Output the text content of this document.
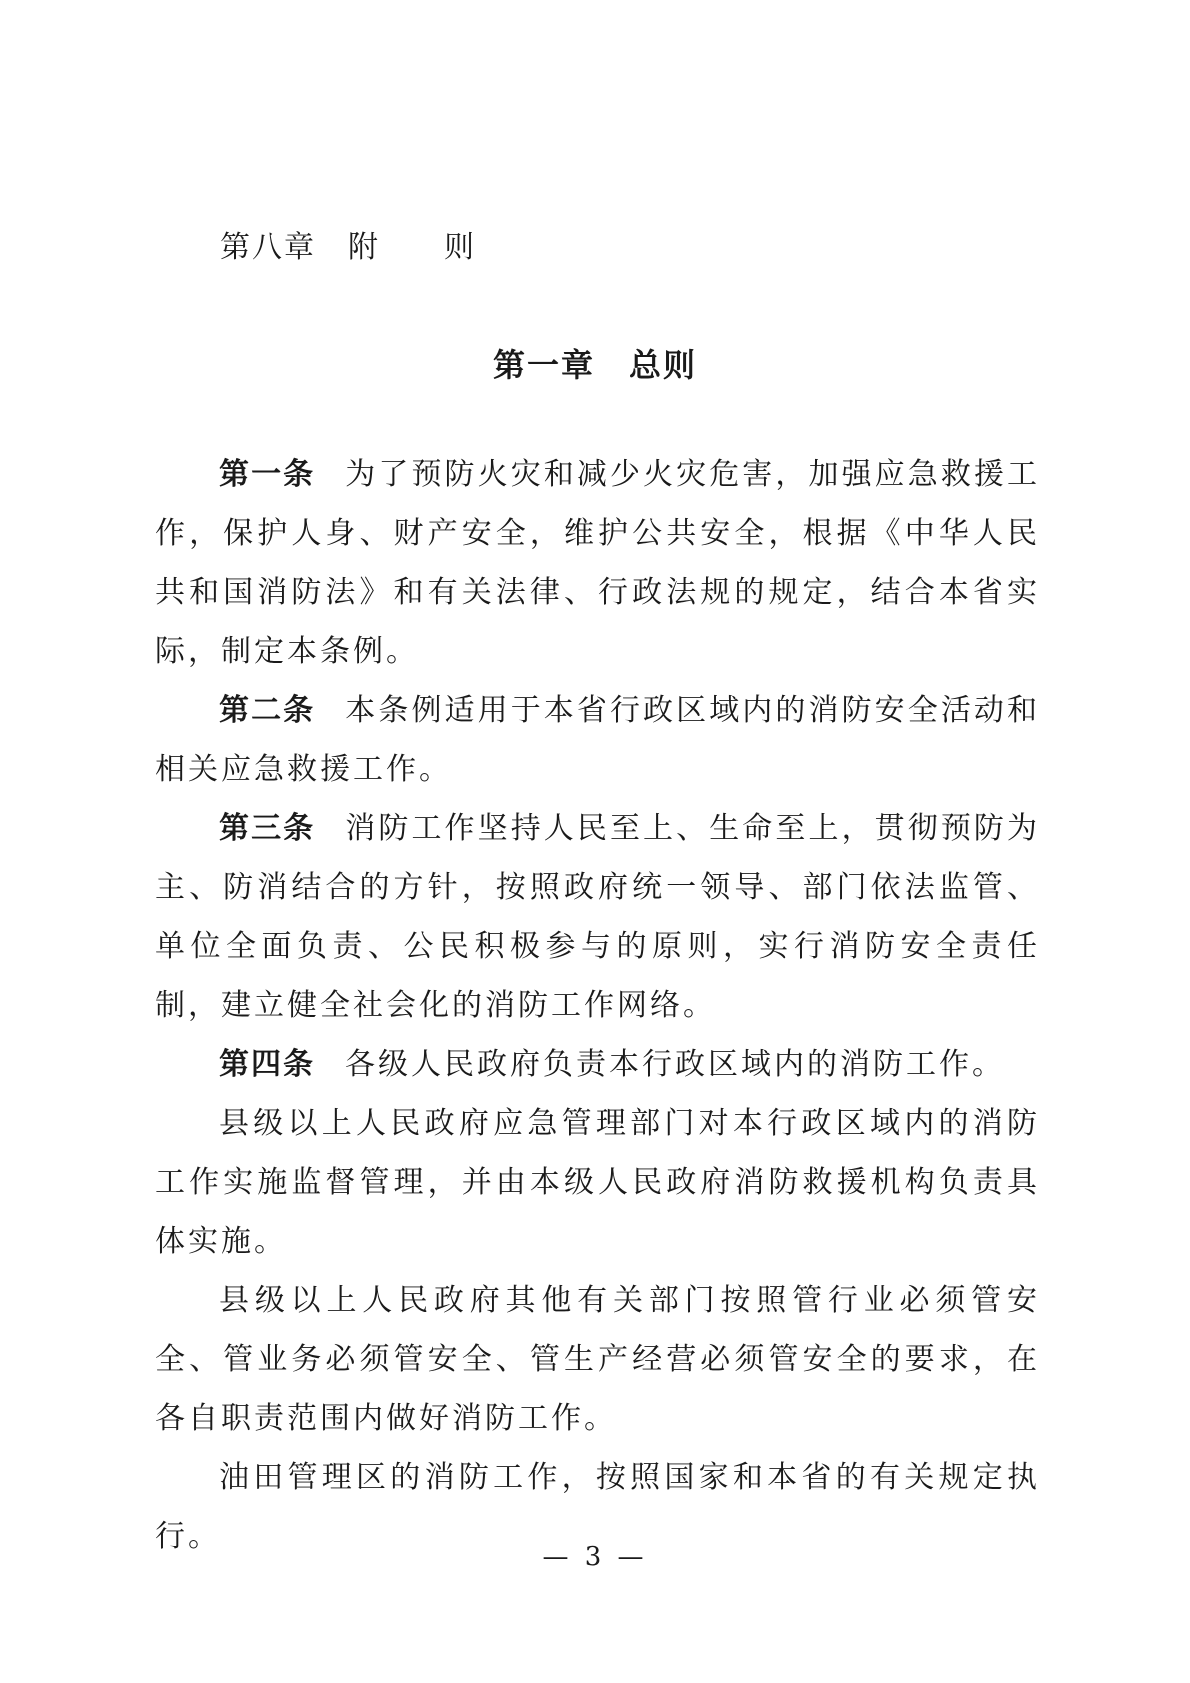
第八章　附　　则
第一章　总则

第一条 为了预防火灾和减少火灾危害，加强应急救援工作，保护人身、财产安全，维护公共安全，根据《中华人民共和国消防法》和有关法律、行政法规的规定，结合本省实际，制定本条例。

第二条 本条例适用于本省行政区域内的消防安全活动和相关应急救援工作。

第三条 消防工作坚持人民至上、生命至上，贯彻预防为主、防消结合的方针，按照政府统一领导、部门依法监管、单位全面负责、公民积极参与的原则，实行消防安全责任制，建立健全社会化的消防工作网络。

第四条 各级人民政府负责本行政区域内的消防工作。

县级以上人民政府应急管理部门对本行政区域内的消防工作实施监督管理，并由本级人民政府消防救援机构负责具体实施。

县级以上人民政府其他有关部门按照管行业必须管安全、管业务必须管安全、管生产经营必须管安全的要求，在各自职责范围内做好消防工作。

油田管理区的消防工作，按照国家和本省的有关规定执行。

— 3 —
